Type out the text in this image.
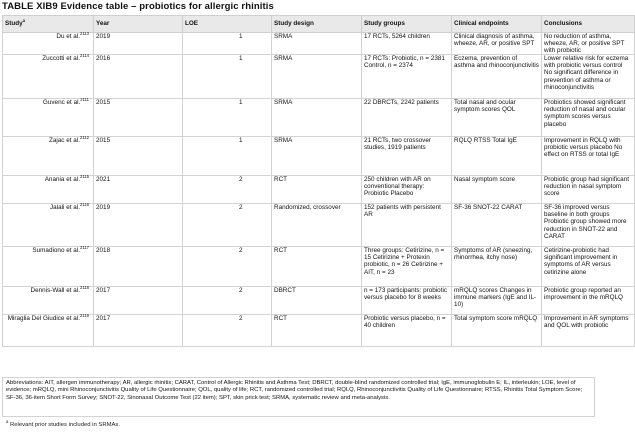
TABLE XIB9 Evidence table – probiotics for allergic rhinitis
Study$^a$	Year	LOE	Study design	Study groups	Clinical endpoints	Conclusions
Du et al.$^{2113}$	2019	1	SRMA	17 RCTs, 5264 children	Clinical diagnosis of asthma, wheeze, AR, or positive SPT	No reduction of asthma, wheeze, AR, or positive SPT with probiotic
Zuccotti et al.$^{2114}$	2016	1	SRMA	17 RCTs: Probiotic, n = 2381 Control, n = 2374	Eczema, prevention of asthma and rhinoconjunctivitis	Lower relative risk for eczema with probiotic versus control No significant difference in prevention of asthma or rhinoconjunctivitis
Guvenc et al.$^{2111}$	2015	1	SRMA	22 DBRCTs, 2242 patients	Total nasal and ocular symptom scores QOL	Probiotics showed significant reduction of nasal and ocular symptom scores versus placebo
Zajac et al.$^{2112}$	2015	1	SRMA	21 RCTs, two crossover studies, 1919 patients	RQLQ RTSS Total IgE	Improvement in RQLQ with probiotic versus placebo No effect on RTSS or total IgE
Anania et al.$^{2115}$	2021	2	RCT	250 children with AR on conventional therapy: Probiotic Placebo	Nasal symptom score	Probiotic group had significant reduction in nasal symptom score
Jalali et al.$^{2116}$	2019	2	Randomized, crossover	152 patients with persistent AR	SF-36 SNOT-22 CARAT	SF-36 improved versus baseline in both groups Probiotic group showed more reduction in SNOT-22 and CARAT
Sumadiono et al.$^{2117}$	2018	2	RCT	Three groups: Cetirizine, n = 15 Cetirizine + Protexin probiotic, n = 26 Cetirizine + AIT, n = 23	Symptoms of AR (sneezing, rhinorrhea, itchy nose)	Cetirizine-probiotic had significant improvement in symptoms of AR versus cetirizine alone
Dennis-Wall et al.$^{2118}$	2017	2	DBRCT	n = 173 participants: probiotic versus placebo for 8 weeks	mRQLQ scores Changes in immune markers (IgE and IL-10)	Probiotic group reported an improvement in the mRQLQ
Miraglia Del Giudice et al.$^{2119}$	2017	2	RCT	Probiotic versus placebo, n = 40 children	Total symptom score mRQLQ	Improvement in AR symptoms and QOL with probiotic
Abbreviations: AIT, allergen immunotherapy; AR, allergic rhinitis; CARAT, Control of Allergic Rhinitis and Asthma Test; DBRCT, double-blind randomized controlled trial; IgE, immunoglobulin E; IL, interleukin; LOE, level of evidence; mRQLQ, mini Rhinoconjunctivitis Quality of Life Questionnaire; QOL, quality of life; RCT, randomized controlled trial; RQLQ, Rhinoconjunctivitis Quality of Life Questionnaire; RTSS, Rhinitis Total Symptom Score; SF-36, 36-item Short Form Survey; SNOT-22, Sinonasal Outcome Test (22 item); SPT, skin prick test; SRMA, systematic review and meta-analysis.
$^a$ Relevant prior studies included in SRMAs.
